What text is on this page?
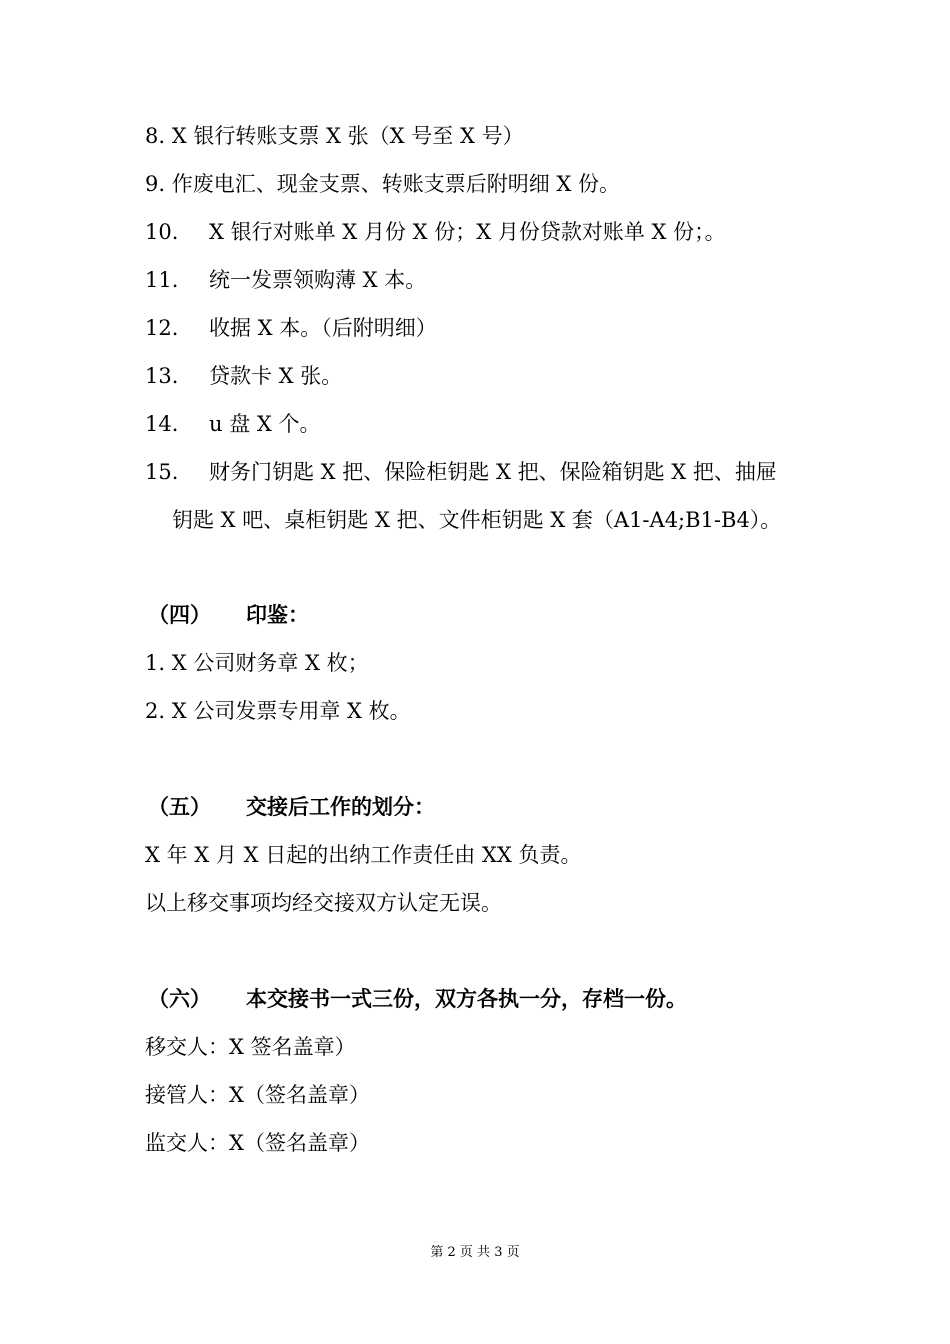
8. X 银行转账支票 X 张（X 号至 X 号）
9. 作废电汇、现金支票、转账支票后附明细 X 份。
10. X 银行对账单 X 月份 X 份；X 月份贷款对账单 X 份；。
11. 统一发票领购薄 X 本。
12. 收据 X 本。（后附明细）
13. 贷款卡 X 张。
14. u 盘 X 个。
15. 财务门钥匙 X 把、保险柜钥匙 X 把、保险箱钥匙 X 把、抽屉
钥匙 X 吧、桌柜钥匙 X 把、文件柜钥匙 X 套（A1-A4;B1-B4）。
（四） 印鉴：
1. X 公司财务章 X 枚；
2. X 公司发票专用章 X 枚。
（五） 交接后工作的划分：
X 年 X 月 X 日起的出纳工作责任由 XX 负责。
以上移交事项均经交接双方认定无误。
（六） 本交接书一式三份，双方各执一分，存档一份。
移交人：X 签名盖章）
接管人：X（签名盖章）
监交人：X（签名盖章）
第 2 页 共 3 页
